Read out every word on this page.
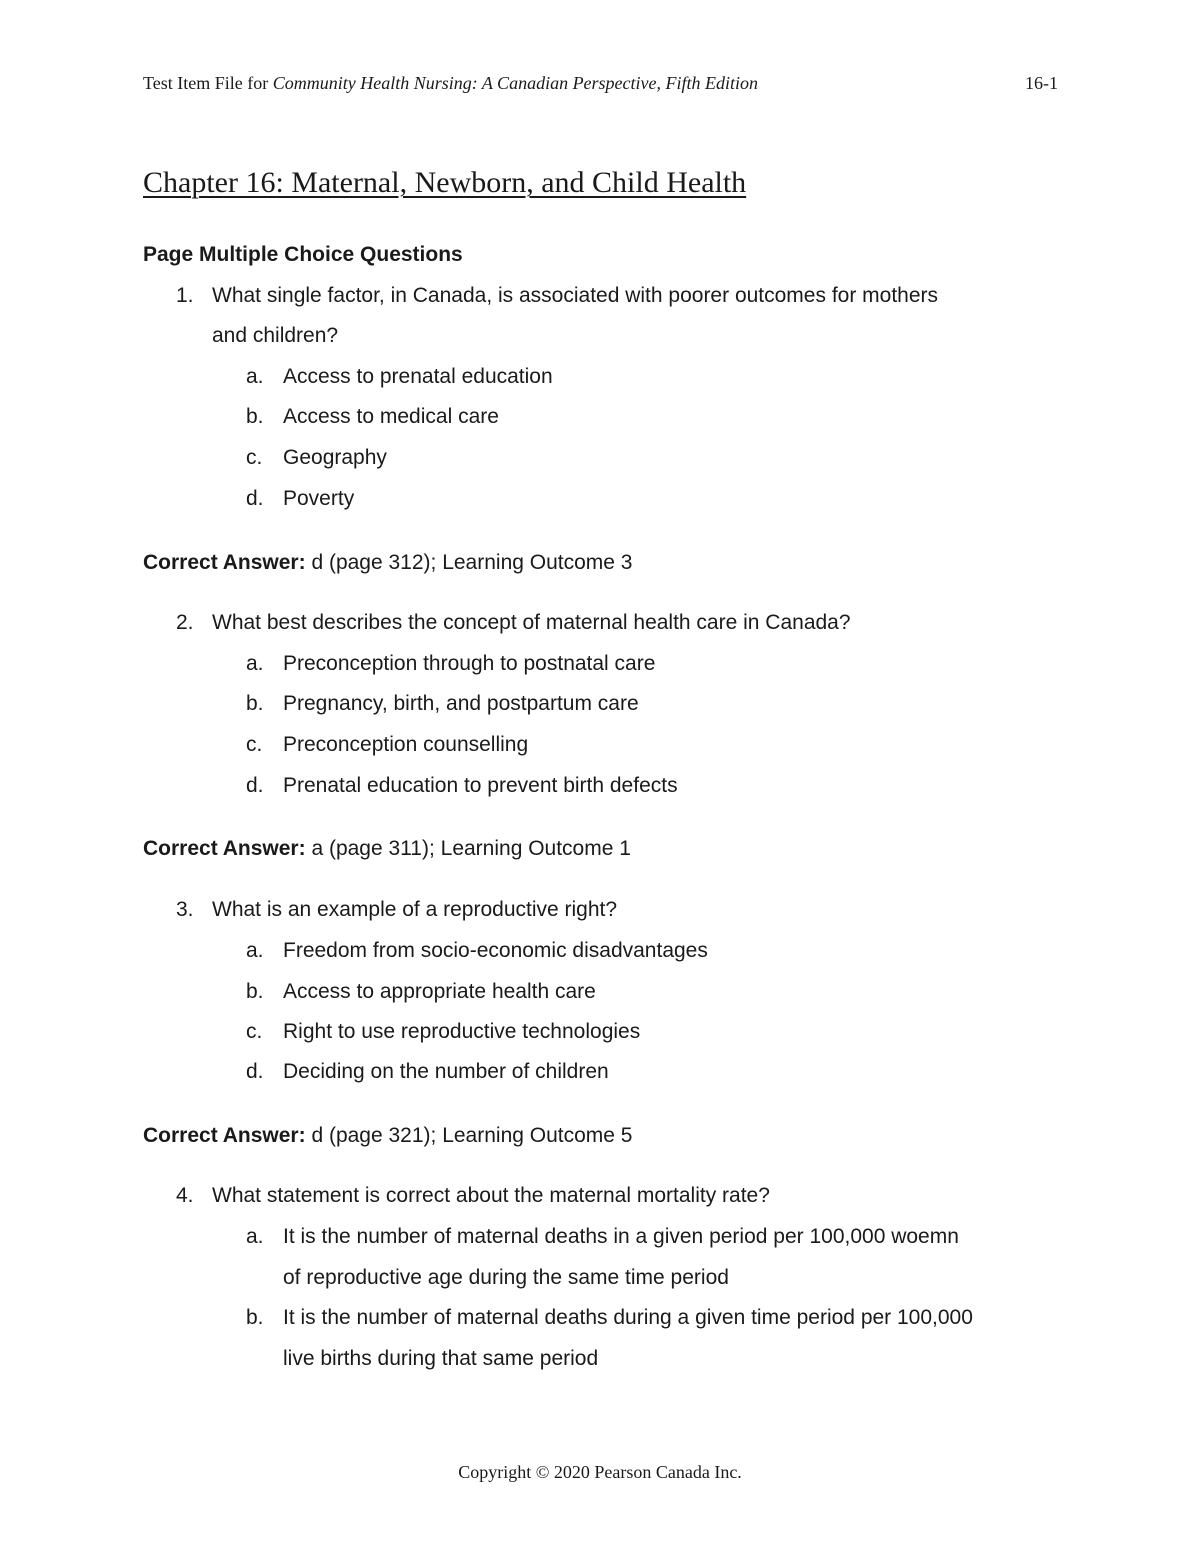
Test Item File for Community Health Nursing: A Canadian Perspective, Fifth Edition	16-1
Chapter 16: Maternal, Newborn, and Child Health
Page Multiple Choice Questions
1. What single factor, in Canada, is associated with poorer outcomes for mothers
and children?
a. Access to prenatal education
b. Access to medical care
c. Geography
d. Poverty
Correct Answer: d (page 312); Learning Outcome 3
2. What best describes the concept of maternal health care in Canada?
a. Preconception through to postnatal care
b. Pregnancy, birth, and postpartum care
c. Preconception counselling
d. Prenatal education to prevent birth defects
Correct Answer: a (page 311); Learning Outcome 1
3. What is an example of a reproductive right?
a. Freedom from socio-economic disadvantages
b. Access to appropriate health care
c. Right to use reproductive technologies
d. Deciding on the number of children
Correct Answer: d (page 321); Learning Outcome 5
4. What statement is correct about the maternal mortality rate?
a. It is the number of maternal deaths in a given period per 100,000 woemn
of reproductive age during the same time period
b. It is the number of maternal deaths during a given time period per 100,000
live births during that same period
Copyright © 2020 Pearson Canada Inc.
